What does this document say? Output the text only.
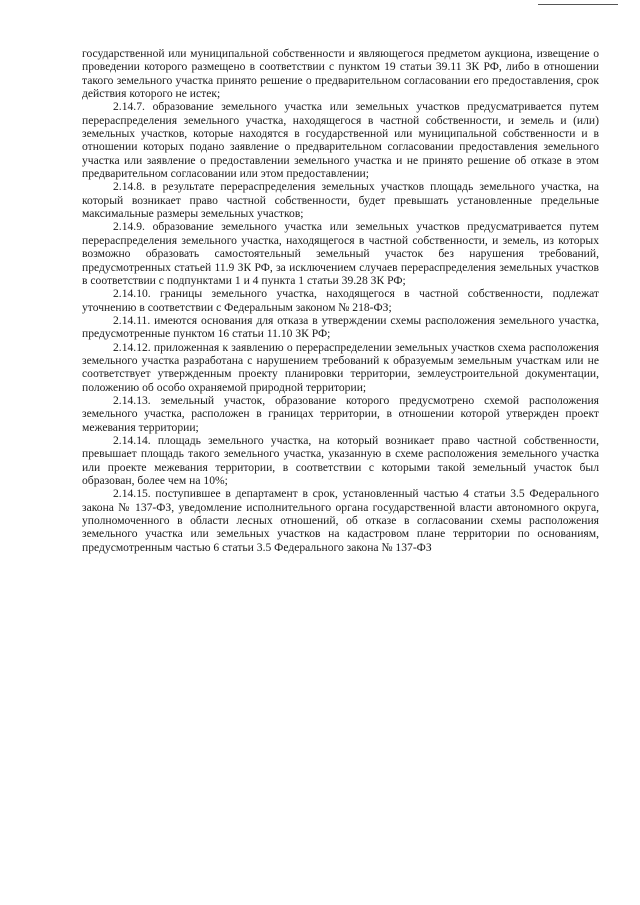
государственной или муниципальной собственности и являющегося предметом аукциона, извещение о проведении которого размещено в соответствии с пунктом 19 статьи 39.11 ЗК РФ, либо в отношении такого земельного участка принято решение о предварительном согласовании его предоставления, срок действия которого не истек;

2.14.7. образование земельного участка или земельных участков предусматривается путем перераспределения земельного участка, находящегося в частной собственности, и земель и (или) земельных участков, которые находятся в государственной или муниципальной собственности и в отношении которых подано заявление о предварительном согласовании предоставления земельного участка или заявление о предоставлении земельного участка и не принято решение об отказе в этом предварительном согласовании или этом предоставлении;

2.14.8. в результате перераспределения земельных участков площадь земельного участка, на который возникает право частной собственности, будет превышать установленные предельные максимальные размеры земельных участков;

2.14.9. образование земельного участка или земельных участков предусматривается путем перераспределения земельного участка, находящегося в частной собственности, и земель, из которых возможно образовать самостоятельный земельный участок без нарушения требований, предусмотренных статьей 11.9 ЗК РФ, за исключением случаев перераспределения земельных участков в соответствии с подпунктами 1 и 4 пункта 1 статьи 39.28 ЗК РФ;

2.14.10. границы земельного участка, находящегося в частной собственности, подлежат уточнению в соответствии с Федеральным законом № 218-ФЗ;

2.14.11. имеются основания для отказа в утверждении схемы расположения земельного участка, предусмотренные пунктом 16 статьи 11.10 ЗК РФ;

2.14.12. приложенная к заявлению о перераспределении земельных участков схема расположения земельного участка разработана с нарушением требований к образуемым земельным участкам или не соответствует утвержденным проекту планировки территории, землеустроительной документации, положению об особо охраняемой природной территории;

2.14.13. земельный участок, образование которого предусмотрено схемой расположения земельного участка, расположен в границах территории, в отношении которой утвержден проект межевания территории;

2.14.14. площадь земельного участка, на который возникает право частной собственности, превышает площадь такого земельного участка, указанную в схеме расположения земельного участка или проекте межевания территории, в соответствии с которыми такой земельный участок был образован, более чем на 10%;

2.14.15. поступившее в департамент в срок, установленный частью 4 статьи 3.5 Федерального закона № 137-ФЗ, уведомление исполнительного органа государственной власти автономного округа, уполномоченного в области лесных отношений, об отказе в согласовании схемы расположения земельного участка или земельных участков на кадастровом плане территории по основаниям, предусмотренным частью 6 статьи 3.5 Федерального закона № 137-ФЗ
